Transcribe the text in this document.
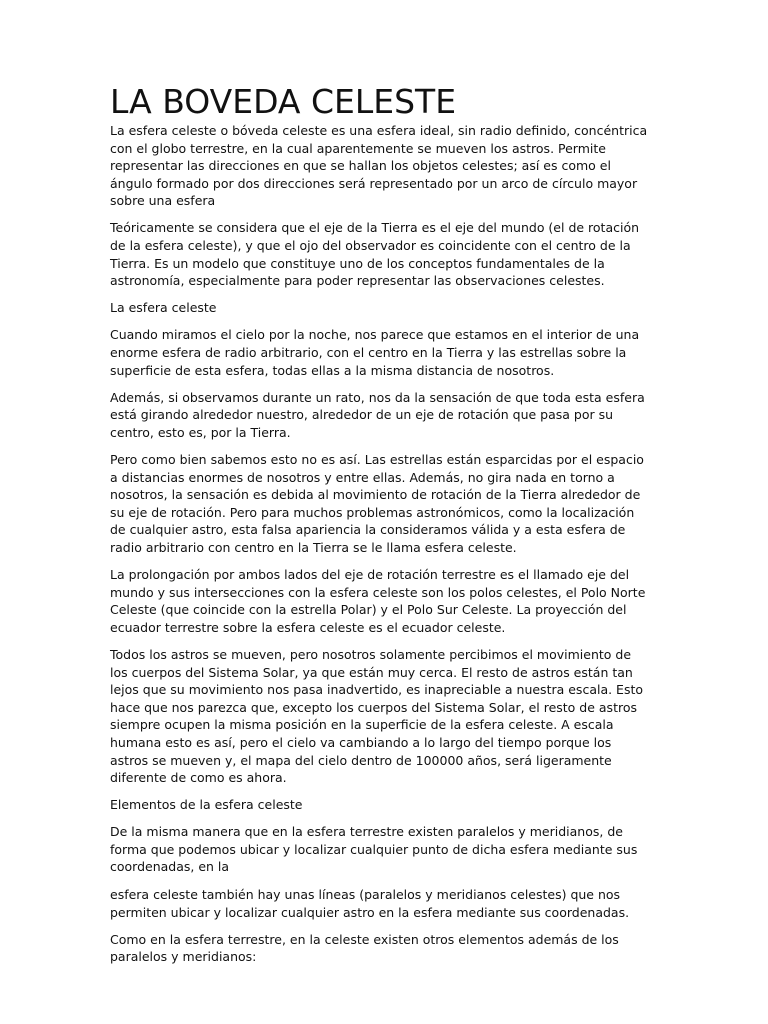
LA BOVEDA CELESTE

La esfera celeste o bóveda celeste es una esfera ideal, sin radio definido, concéntrica con el globo terrestre, en la cual aparentemente se mueven los astros. Permite representar las direcciones en que se hallan los objetos celestes; así es como el ángulo formado por dos direcciones será representado por un arco de círculo mayor sobre una esfera

Teóricamente se considera que el eje de la Tierra es el eje del mundo (el de rotación de la esfera celeste), y que el ojo del observador es coincidente con el centro de la Tierra. Es un modelo que constituye uno de los conceptos fundamentales de la astronomía, especialmente para poder representar las observaciones celestes.

La esfera celeste

Cuando miramos el cielo por la noche, nos parece que estamos en el interior de una enorme esfera de radio arbitrario, con el centro en la Tierra y las estrellas sobre la superficie de esta esfera, todas ellas a la misma distancia de nosotros.

Además, si observamos durante un rato, nos da la sensación de que toda esta esfera está girando alrededor nuestro, alrededor de un eje de rotación que pasa por su centro, esto es, por la Tierra.

Pero como bien sabemos esto no es así. Las estrellas están esparcidas por el espacio a distancias enormes de nosotros y entre ellas. Además, no gira nada en torno a nosotros, la sensación es debida al movimiento de rotación de la Tierra alrededor de su eje de rotación. Pero para muchos problemas astronómicos, como la localización de cualquier astro, esta falsa apariencia la consideramos válida y a esta esfera de radio arbitrario con centro en la Tierra se le llama esfera celeste.

La prolongación por ambos lados del eje de rotación terrestre es el llamado eje del mundo y sus intersecciones con la esfera celeste son los polos celestes, el Polo Norte Celeste (que coincide con la estrella Polar) y el Polo Sur Celeste. La proyección del ecuador terrestre sobre la esfera celeste es el ecuador celeste.

Todos los astros se mueven, pero nosotros solamente percibimos el movimiento de los cuerpos del Sistema Solar, ya que están muy cerca. El resto de astros están tan lejos que su movimiento nos pasa inadvertido, es inapreciable a nuestra escala. Esto hace que nos parezca que, excepto los cuerpos del Sistema Solar, el resto de astros siempre ocupen la misma posición en la superficie de la esfera celeste. A escala humana esto es así, pero el cielo va cambiando a lo largo del tiempo porque los astros se mueven y, el mapa del cielo dentro de 100000 años, será ligeramente diferente de como es ahora.

Elementos de la esfera celeste

De la misma manera que en la esfera terrestre existen paralelos y meridianos, de forma que podemos ubicar y localizar cualquier punto de dicha esfera mediante sus coordenadas, en la

esfera celeste también hay unas líneas (paralelos y meridianos celestes) que nos permiten ubicar y localizar cualquier astro en la esfera mediante sus coordenadas.

Como en la esfera terrestre, en la celeste existen otros elementos además de los paralelos y meridianos:
